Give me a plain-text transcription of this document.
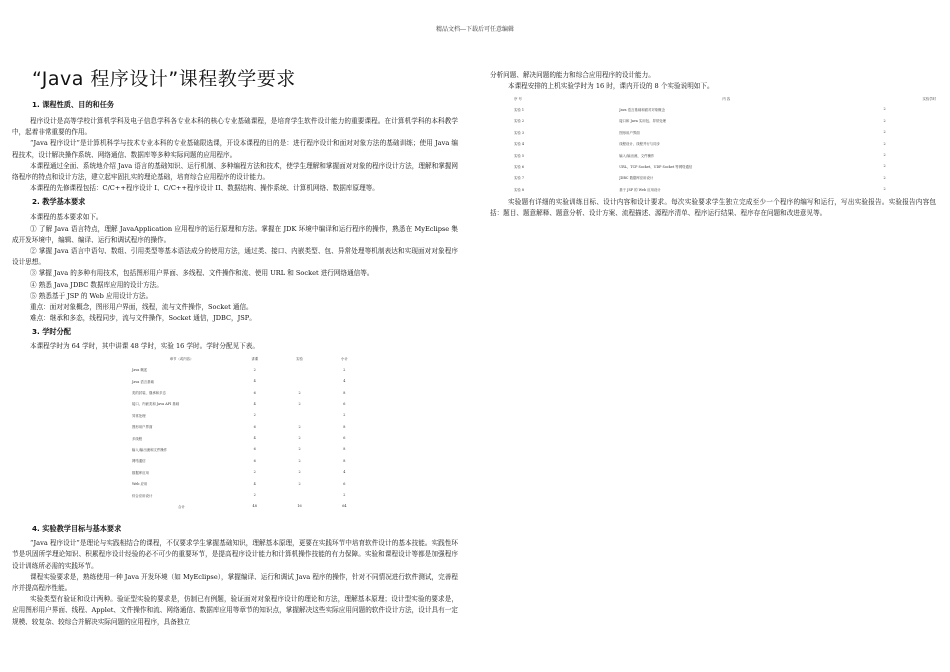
精品文档---下载后可任意编辑
“Java 程序设计”课程教学要求
1. 课程性质、目的和任务

程序设计是高等学校计算机学科及电子信息学科各专业本科的核心专业基础课程，是培育学生软件设计能力的重要课程。在计算机学科的本科教学中，起着非常重要的作用。

“Java 程序设计”是计算机科学与技术专业本科的专业基础限选课，开设本课程的目的是：进行程序设计和面对对象方法的基础训练；使用 Java 编程技术，设计解决操作系统、网络通信、数据库等多种实际问题的应用程序。

本课程通过全面、系统地介绍 Java 语言的基础知识、运行机制、多种编程方法和技术，使学生理解和掌握面对对象的程序设计方法，理解和掌握网络程序的特点和设计方法，建立起牢固扎实的理论基础，培育综合应用程序的设计能力。

本课程的先修课程包括：C/C++程序设计 I、C/C++程序设计 II、数据结构、操作系统、计算机网络、数据库原理等。

2. 教学基本要求

本课程的基本要求如下。

① 了解 Java 语言特点，理解 JavaApplication 应用程序的运行原理和方法。掌握在 JDK 环境中编译和运行程序的操作，熟悉在 MyEclipse 集成开发环境中，编辑、编译、运行和调试程序的操作。

② 掌握 Java 语言中语句、数组、引用类型等基本语法成分的使用方法，通过类、接口、内嵌类型、包、异常处理等机制表达和实现面对对象程序设计思想。

③ 掌握 Java 的多种有用技术，包括图形用户界面、多线程、文件操作和流、使用 URL 和 Socket 进行网络通信等。

④ 熟悉 Java JDBC 数据库应用的设计方法。

⑤ 熟悉基于 JSP 的 Web 应用设计方法。

重点：面对对象概念，图形用户界面，线程，流与文件操作，Socket 通信。

难点：继承和多态，线程同步，流与文件操作，Socket 通信，JDBC，JSP。

3. 学时分配

本课程学时为 64 学时，其中讲课 48 学时，实验 16 学时。学时分配见下表。

章节（或内容）	讲课	实验	小计
Java 概述	2		2
Java 语言基础	4		4
类的封装、继承和多态	6	2	8
接口、内嵌类和 Java API 基础	4	2	6
异常处理	2		2
图形用户界面	6	2	8
多线程	4	2	6
输入/输出流和文件操作	6	2	8
网络通信	6	2	8
数据库应用	2	2	4
Web 应用	4	2	6
综合应用设计	2		2
合计	48	16	64
4. 实验教学目标与基本要求

“Java 程序设计”是理论与实践相结合的课程，不仅要求学生掌握基础知识，理解基本原理，更要在实践环节中培育软件设计的基本技能。实践性环节是巩固所学理论知识、积累程序设计经验的必不可少的重要环节，是提高程序设计能力和计算机操作技能的有力保障。实验和课程设计等都是加强程序设计训练所必需的实践环节。

课程实验要求是，熟练使用一种 Java 开发环境（如 MyEclipse），掌握编译、运行和调试 Java 程序的操作，针对不同情况进行软件测试，完善程序并提高程序性能。

实验类型有验证和设计两种。验证型实验的要求是，仿制已有例题，验证面对对象程序设计的理论和方法，理解基本原理；设计型实验的要求是，应用图形用户界面、线程、Applet、文件操作和流、网络通信、数据库应用等章节的知识点，掌握解决这些实际应用问题的软件设计方法，设计具有一定规模、较复杂、较综合并解决实际问题的应用程序，具备独立

分析问题、解决问题的能力和综合应用程序的设计能力。

本课程安排的上机实验学时为 16 时，课内开设的 8 个实验说明如下。

序 号	内 容	实验学时
实验 1	Java 语言基础和面对对象概念	2
实验 2	接口和 Java 实用包、异常处理	2
实验 3	图形用户界面	2
实验 4	线程设计、线程并行与同步	2
实验 5	输入/输出流、文件操作	2
实验 6	URL、TCP Socket、UDP Socket 等网络通信	2
实验 7	JDBC 数据库应用设计	2
实验 8	基于 JSP 的 Web 应用设计	2

实验题有详细的实验训练目标、设计内容和设计要求。每次实验要求学生独立完成至少一个程序的编写和运行，写出实验报告。实验报告内容包括：题目、题意解释、题意分析、设计方案、流程描述、源程序清单、程序运行结果、程序存在问题和改进意见等。
